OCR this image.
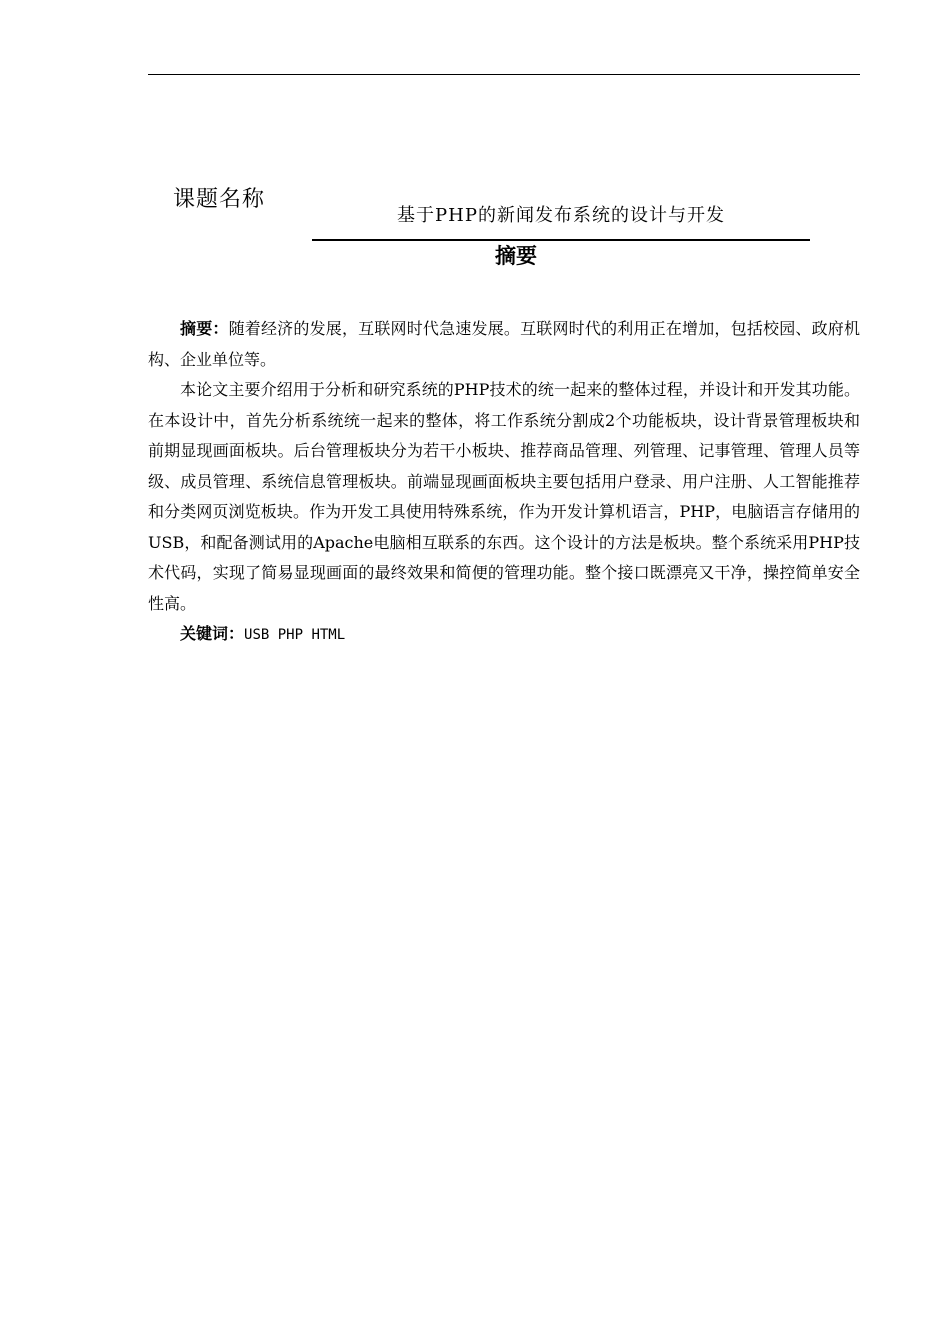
课题名称
基于PHP的新闻发布系统的设计与开发
摘要

摘要：随着经济的发展，互联网时代急速发展。互联网时代的利用正在增加，包括校园、政府机构、企业单位等。

本论文主要介绍用于分析和研究系统的PHP技术的统一起来的整体过程，并设计和开发其功能。在本设计中，首先分析系统统一起来的整体，将工作系统分割成2个功能板块，设计背景管理板块和前期显现画面板块。后台管理板块分为若干小板块、推荐商品管理、列管理、记事管理、管理人员等级、成员管理、系统信息管理板块。前端显现画面板块主要包括用户登录、用户注册、人工智能推荐和分类网页浏览板块。作为开发工具使用特殊系统，作为开发计算机语言，PHP，电脑语言存储用的USB，和配备测试用的Apache电脑相互联系的东西。这个设计的方法是板块。整个系统采用PHP技术代码，实现了简易显现画面的最终效果和简便的管理功能。整个接口既漂亮又干净，操控简单安全性高。

关键词：USB PHP HTML
